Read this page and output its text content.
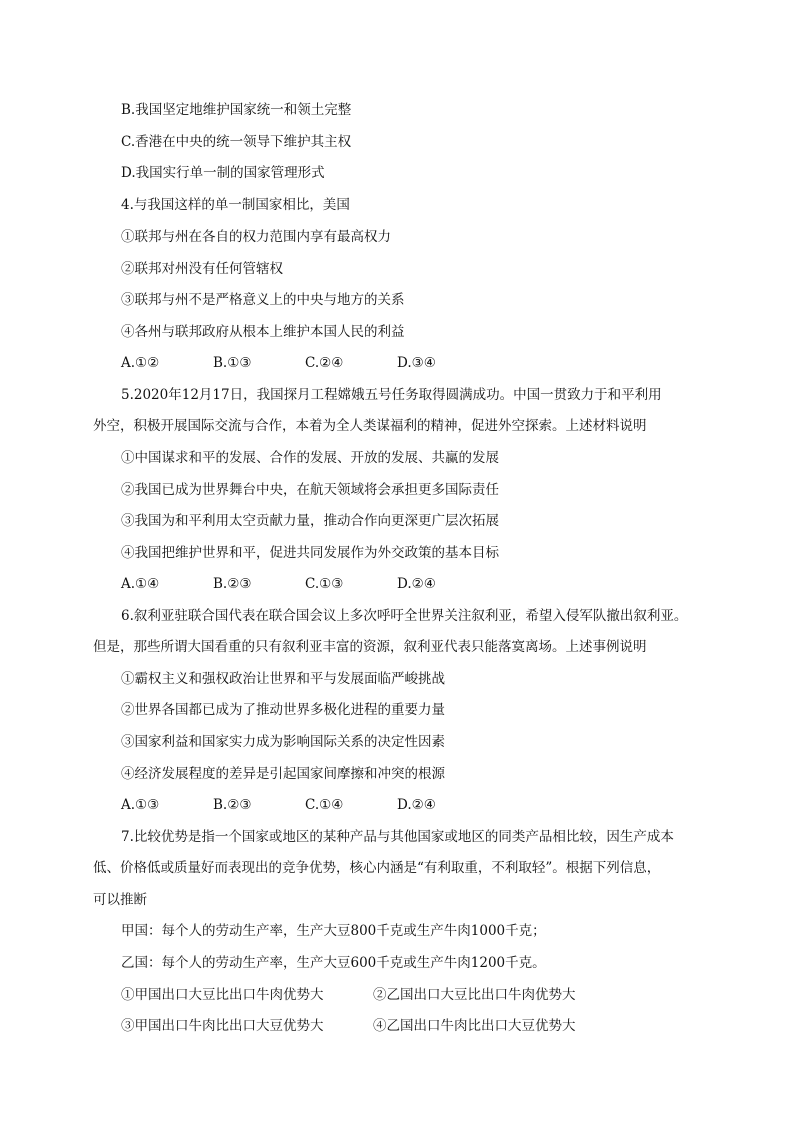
B.我国坚定地维护国家统一和领土完整
C.香港在中央的统一领导下维护其主权
D.我国实行单一制的国家管理形式
4.与我国这样的单一制国家相比，美国
①联邦与州在各自的权力范围内享有最高权力
②联邦对州没有任何管辖权
③联邦与州不是严格意义上的中央与地方的关系
④各州与联邦政府从根本上维护本国人民的利益
A.①②	B.①③	C.②④	D.③④
5.2020年12月17日，我国探月工程嫦娥五号任务取得圆满成功。中国一贯致力于和平利用
外空，积极开展国际交流与合作，本着为全人类谋福利的精神，促进外空探索。上述材料说明
①中国谋求和平的发展、合作的发展、开放的发展、共赢的发展
②我国已成为世界舞台中央，在航天领域将会承担更多国际责任
③我国为和平利用太空贡献力量，推动合作向更深更广层次拓展
④我国把维护世界和平，促进共同发展作为外交政策的基本目标
A.①④	B.②③	C.①③	D.②④
6.叙利亚驻联合国代表在联合国会议上多次呼吁全世界关注叙利亚，希望入侵军队撤出叙利亚。
但是，那些所谓大国看重的只有叙利亚丰富的资源，叙利亚代表只能落寞离场。上述事例说明
①霸权主义和强权政治让世界和平与发展面临严峻挑战
②世界各国都已成为了推动世界多极化进程的重要力量
③国家利益和国家实力成为影响国际关系的决定性因素
④经济发展程度的差异是引起国家间摩擦和冲突的根源
A.①③	B.②③	C.①④	D.②④
7.比较优势是指一个国家或地区的某种产品与其他国家或地区的同类产品相比较，因生产成本
低、价格低或质量好而表现出的竞争优势，核心内涵是“有利取重，不利取轻”。根据下列信息，
可以推断
甲国：每个人的劳动生产率，生产大豆800千克或生产牛肉1000千克；
乙国：每个人的劳动生产率，生产大豆600千克或生产牛肉1200千克。
①甲国出口大豆比出口牛肉优势大	②乙国出口大豆比出口牛肉优势大
③甲国出口牛肉比出口大豆优势大	④乙国出口牛肉比出口大豆优势大
